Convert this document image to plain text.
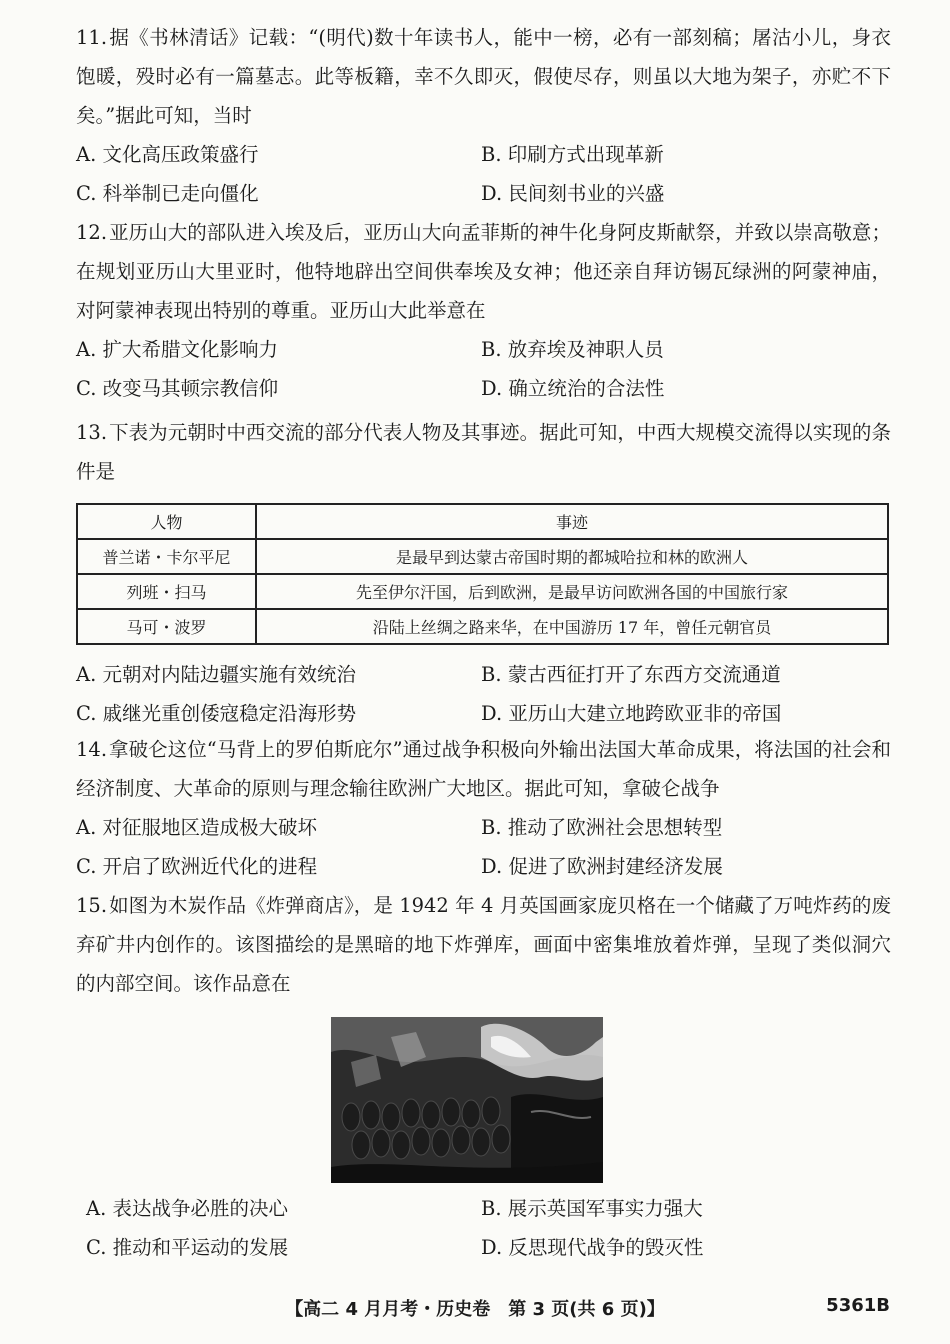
11. 据《书林清话》记载：“(明代)数十年读书人，能中一榜，必有一部刻稿；屠沽小儿，身衣饱暖，殁时必有一篇墓志。此等板籍，幸不久即灭，假使尽存，则虽以大地为架子，亦贮不下矣。”据此可知，当时

A. 文化高压政策盛行	B. 印刷方式出现革新
C. 科举制已走向僵化	D. 民间刻书业的兴盛

12. 亚历山大的部队进入埃及后，亚历山大向孟菲斯的神牛化身阿皮斯献祭，并致以崇高敬意；在规划亚历山大里亚时，他特地辟出空间供奉埃及女神；他还亲自拜访锡瓦绿洲的阿蒙神庙，对阿蒙神表现出特别的尊重。亚历山大此举意在

A. 扩大希腊文化影响力	B. 放弃埃及神职人员
C. 改变马其顿宗教信仰	D. 确立统治的合法性

13. 下表为元朝时中西交流的部分代表人物及其事迹。据此可知，中西大规模交流得以实现的条件是

人物	事迹
普兰诺・卡尔平尼	是最早到达蒙古帝国时期的都城哈拉和林的欧洲人
列班・扫马	先至伊尔汗国，后到欧洲，是最早访问欧洲各国的中国旅行家
马可・波罗	沿陆上丝绸之路来华，在中国游历 17 年，曾任元朝官员
A. 元朝对内陆边疆实施有效统治	B. 蒙古西征打开了东西方交流通道
C. 戚继光重创倭寇稳定沿海形势	D. 亚历山大建立地跨欧亚非的帝国

14. 拿破仑这位“马背上的罗伯斯庇尔”通过战争积极向外输出法国大革命成果，将法国的社会和经济制度、大革命的原则与理念输往欧洲广大地区。据此可知，拿破仑战争

A. 对征服地区造成极大破坏	B. 推动了欧洲社会思想转型
C. 开启了欧洲近代化的进程	D. 促进了欧洲封建经济发展

15. 如图为木炭作品《炸弹商店》，是 1942 年 4 月英国画家庞贝格在一个储藏了万吨炸药的废弃矿井内创作的。该图描绘的是黑暗的地下炸弹库，画面中密集堆放着炸弹，呈现了类似洞穴的内部空间。该作品意在

A. 表达战争必胜的决心	B. 展示英国军事实力强大
C. 推动和平运动的发展	D. 反思现代战争的毁灭性
【高二 4 月月考・历史卷　第 3 页(共 6 页)】	5361B
